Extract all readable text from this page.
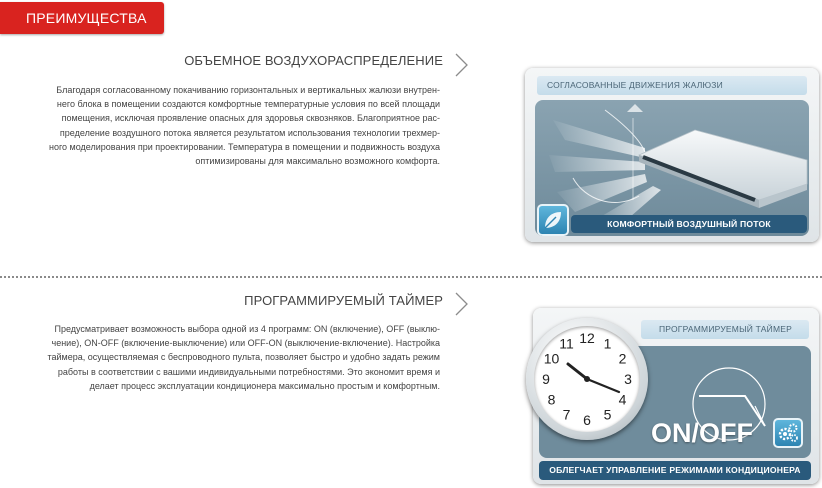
ПРЕИМУЩЕСТВА
ОБЪЕМНОЕ ВОЗДУХОРАСПРЕДЕЛЕНИЕ
Благодаря согласованному покачиванию горизонтальных и вертикальных жалюзи внутрен-
него блока в помещении создаются комфортные температурные условия по всей площади
помещения, исключая проявление опасных для здоровья сквозняков. Благоприятное рас-
пределение воздушного потока является результатом использования технологии трехмер-
ного моделирования при проектировании. Температура в помещении и подвижность воздуха
оптимизированы для максимально возможного комфорта.
СОГЛАСОВАННЫЕ ДВИЖЕНИЯ ЖАЛЮЗИ
КОМФОРТНЫЙ ВОЗДУШНЫЙ ПОТОК
ПРОГРАММИРУЕМЫЙ ТАЙМЕР
Предусматривает возможность выбора одной из 4 программ: ON (включение), OFF (выклю-
чение), ON-OFF (включение-выключение) или OFF-ON (выключение-включение). Настройка
таймера, осуществляемая с беспроводного пульта, позволяет быстро и удобно задать режим
работы в соответствии с вашими индивидуальными потребностями. Это экономит время и
делает процесс эксплуатации кондиционера максимально простым и комфортным.
ПРОГРАММИРУЕМЫЙ ТАЙМЕР
ON/OFF
ОБЛЕГЧАЕТ УПРАВЛЕНИЕ РЕЖИМАМИ КОНДИЦИОНЕРА
11
10
9
8
7 6 5
4
3
2
1
12
